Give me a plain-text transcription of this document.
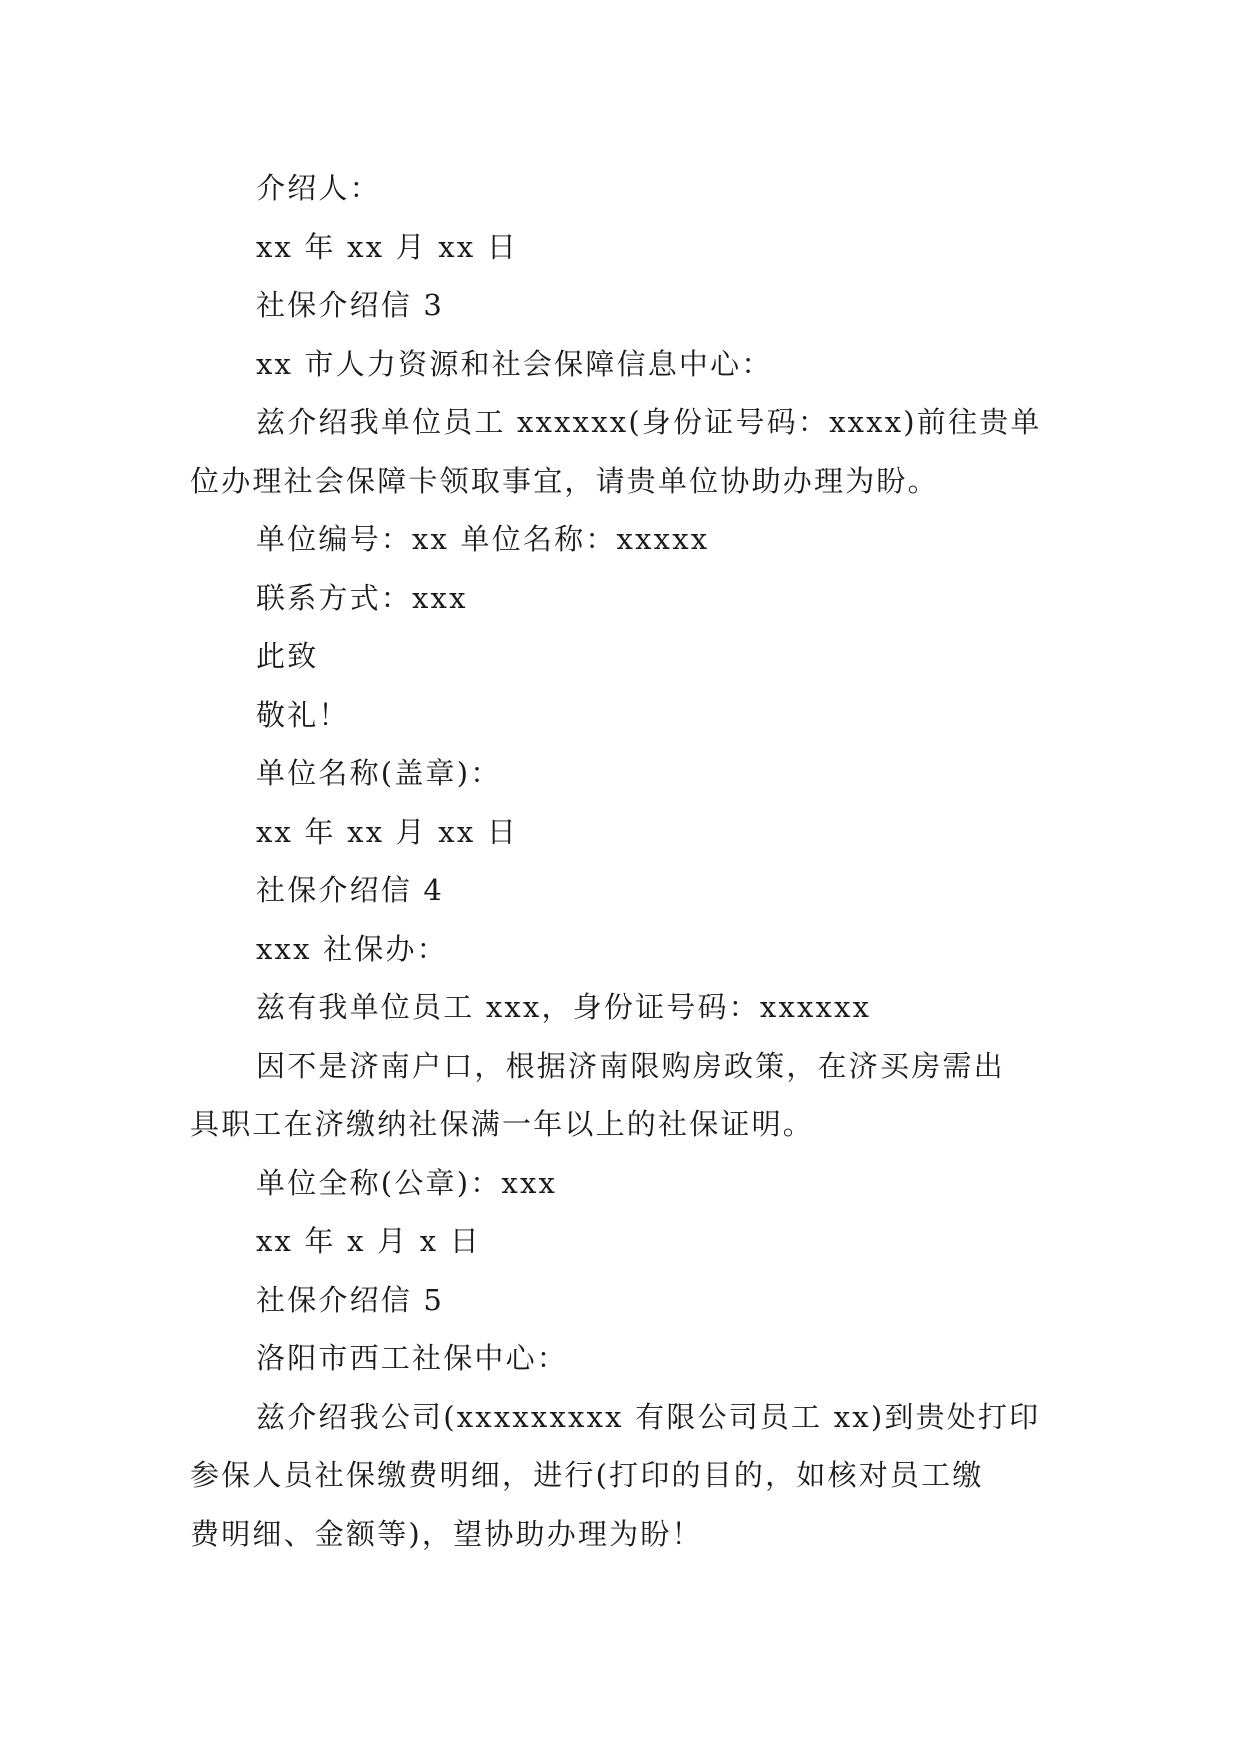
介绍人：

xx 年 xx 月 xx 日

社保介绍信 3

xx 市人力资源和社会保障信息中心：

兹介绍我单位员工 xxxxxx(身份证号码：xxxx)前往贵单

位办理社会保障卡领取事宜，请贵单位协助办理为盼。

单位编号：xx 单位名称：xxxxx

联系方式：xxx

此致

敬礼！

单位名称(盖章)：

xx 年 xx 月 xx 日

社保介绍信 4

xxx 社保办：

兹有我单位员工 xxx，身份证号码：xxxxxx

因不是济南户口，根据济南限购房政策，在济买房需出

具职工在济缴纳社保满一年以上的社保证明。

单位全称(公章)：xxx

xx 年 x 月 x 日

社保介绍信 5

洛阳市西工社保中心：

兹介绍我公司(xxxxxxxxx 有限公司员工 xx)到贵处打印

参保人员社保缴费明细，进行(打印的目的，如核对员工缴

费明细、金额等)，望协助办理为盼！
